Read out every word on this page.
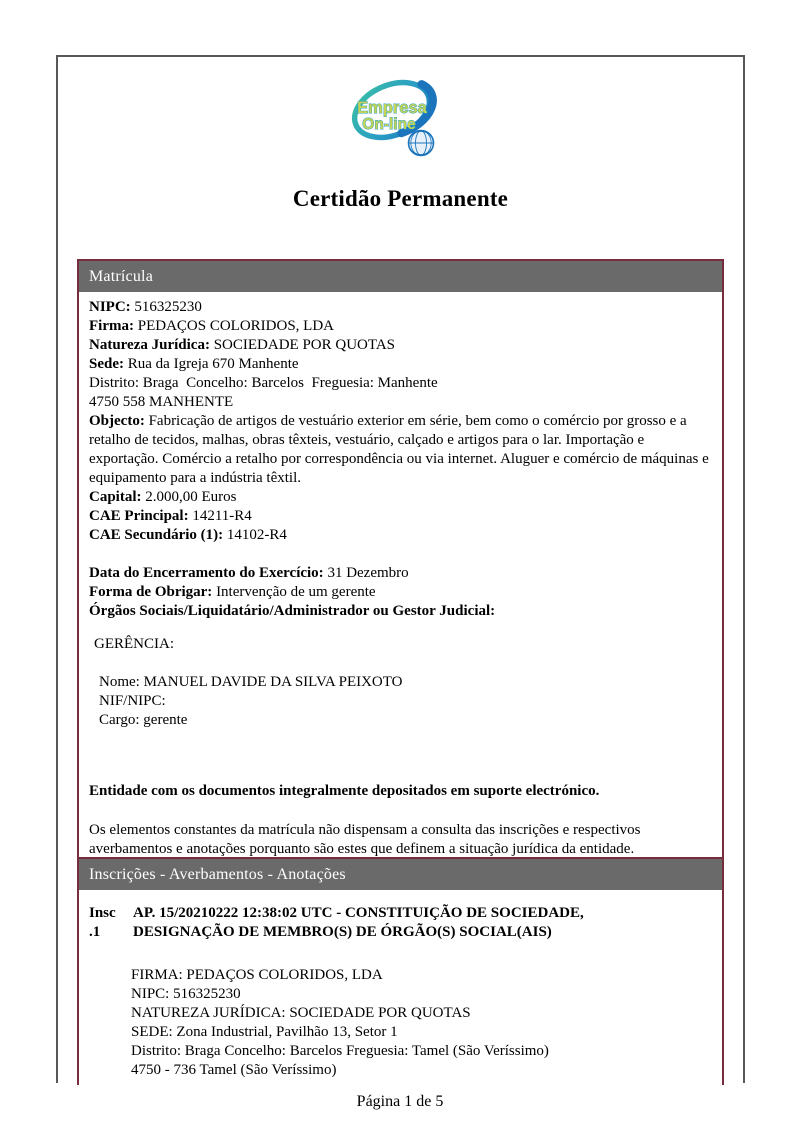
Empresa
On-line
Certidão Permanente
Matrícula
NIPC: 516325230
Firma: PEDAÇOS COLORIDOS, LDA
Natureza Jurídica: SOCIEDADE POR QUOTAS
Sede: Rua da Igreja 670 Manhente
Distrito: Braga  Concelho: Barcelos  Freguesia: Manhente
4750 558 MANHENTE
Objecto: Fabricação de artigos de vestuário exterior em série, bem como o comércio por grosso e a retalho de tecidos, malhas, obras têxteis, vestuário, calçado e artigos para o lar. Importação e exportação. Comércio a retalho por correspondência ou via internet. Aluguer e comércio de máquinas e equipamento para a indústria têxtil.
Capital: 2.000,00 Euros
CAE Principal: 14211-R4
CAE Secundário (1): 14102-R4
Data do Encerramento do Exercício: 31 Dezembro
Forma de Obrigar: Intervenção de um gerente
Órgãos Sociais/Liquidatário/Administrador ou Gestor Judicial:
GERÊNCIA:
Nome: MANUEL DAVIDE DA SILVA PEIXOTO
NIF/NIPC:
Cargo: gerente
Entidade com os documentos integralmente depositados em suporte electrónico.
Os elementos constantes da matrícula não dispensam a consulta das inscrições e respectivos averbamentos e anotações porquanto são estes que definem a situação jurídica da entidade.
Inscrições - Averbamentos - Anotações
Insc
.1
AP. 15/20210222 12:38:02 UTC - CONSTITUIÇÃO DE SOCIEDADE,
DESIGNAÇÃO DE MEMBRO(S) DE ÓRGÃO(S) SOCIAL(AIS)
FIRMA: PEDAÇOS COLORIDOS, LDA
NIPC: 516325230
NATUREZA JURÍDICA: SOCIEDADE POR QUOTAS
SEDE: Zona Industrial, Pavilhão 13, Setor 1
Distrito: Braga Concelho: Barcelos Freguesia: Tamel (São Veríssimo)
4750 - 736 Tamel (São Veríssimo)
Página 1 de 5
